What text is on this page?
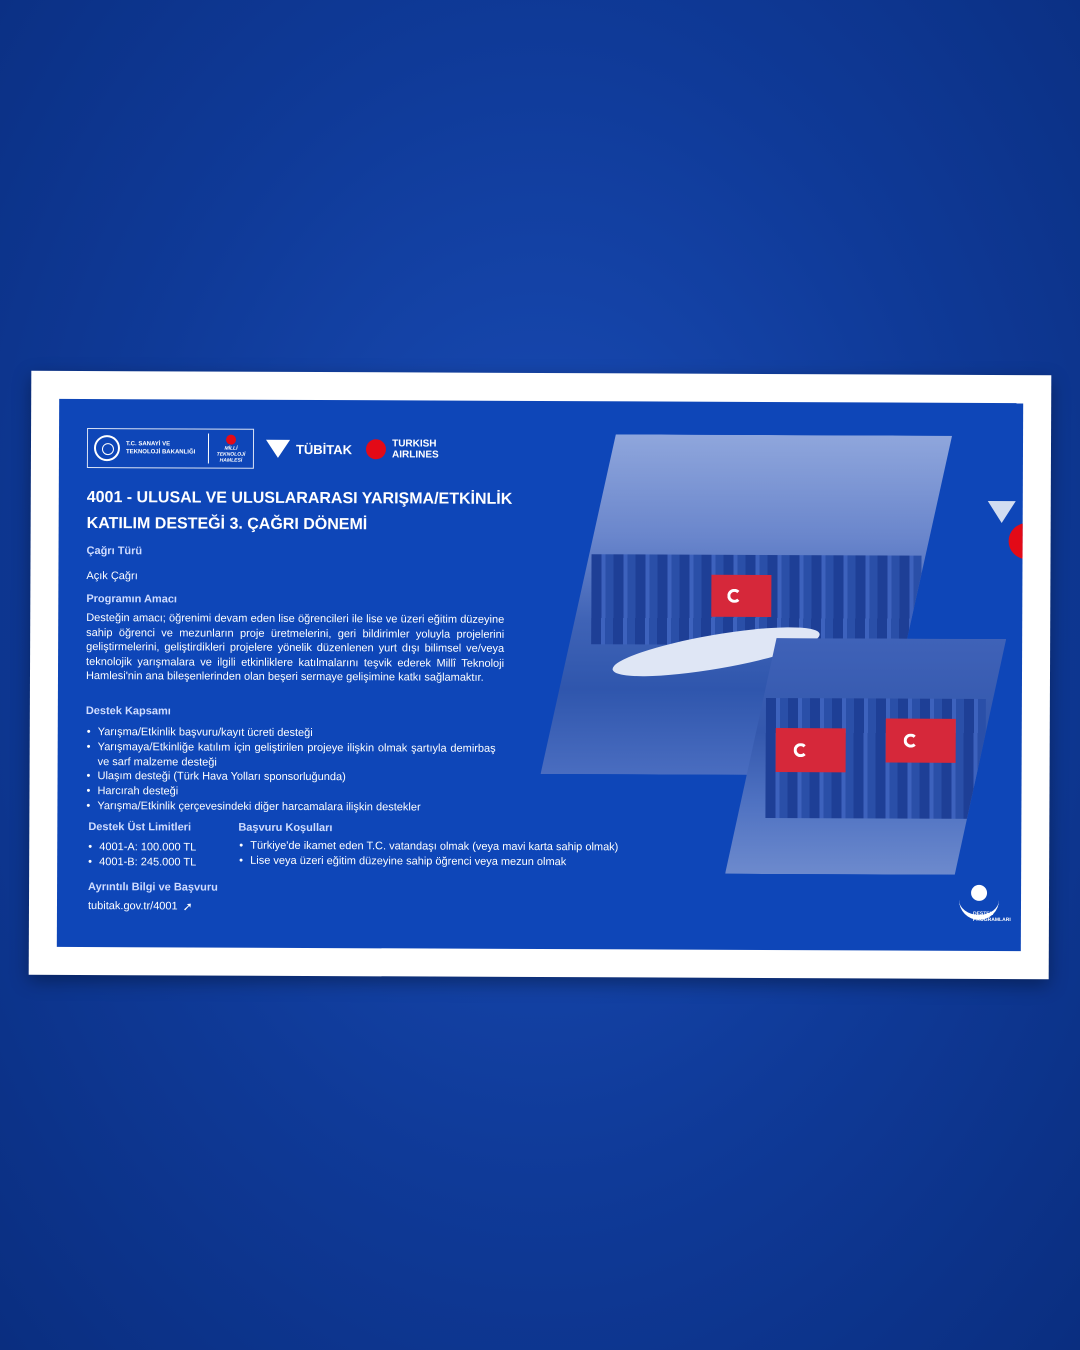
T.C. SANAYİ VE TEKNOLOJİ BAKANLIĞI
MİLLİ TEKNOLOJİ HAMLESİ
TÜBİTAK	TURKISH
AIRLINES
4001 - ULUSAL VE ULUSLARARASI YARIŞMA/ETKİNLİK KATILIM DESTEĞİ 3. ÇAĞRI DÖNEMİ
Çağrı Türü
Açık Çağrı
Programın Amacı
Desteğin amacı; öğrenimi devam eden lise öğrencileri ile lise ve üzeri eğitim düzeyine sahip öğrenci ve mezunların proje üretmelerini, geri bildirimler yoluyla projelerini geliştirmelerini, geliştirdikleri projelere yönelik düzenlenen yurt dışı bilimsel ve/veya teknolojik yarışmalara ve ilgili etkinliklere katılmalarını teşvik ederek Millî Teknoloji Hamlesi'nin ana bileşenlerinden olan beşeri sermaye gelişimine katkı sağlamaktır.
Destek Kapsamı
• Yarışma/Etkinlik başvuru/kayıt ücreti desteği
• Yarışmaya/Etkinliğe katılım için geliştirilen projeye ilişkin olmak şartıyla demirbaş ve sarf malzeme desteği
• Ulaşım desteği (Türk Hava Yolları sponsorluğunda)
• Harcırah desteği
• Yarışma/Etkinlik çerçevesindeki diğer harcamalara ilişkin destekler
Destek Üst Limitleri
• 4001-A: 100.000 TL
• 4001-B: 245.000 TL
Başvuru Koşulları
• Türkiye'de ikamet eden T.C. vatandaşı olmak (veya mavi karta sahip olmak)
• Lise veya üzeri eğitim düzeyine sahip öğrenci veya mezun olmak
Ayrıntılı Bilgi ve Başvuru
tubitak.gov.tr/4001 ➚
DESTEK
PROGRAMLARI
